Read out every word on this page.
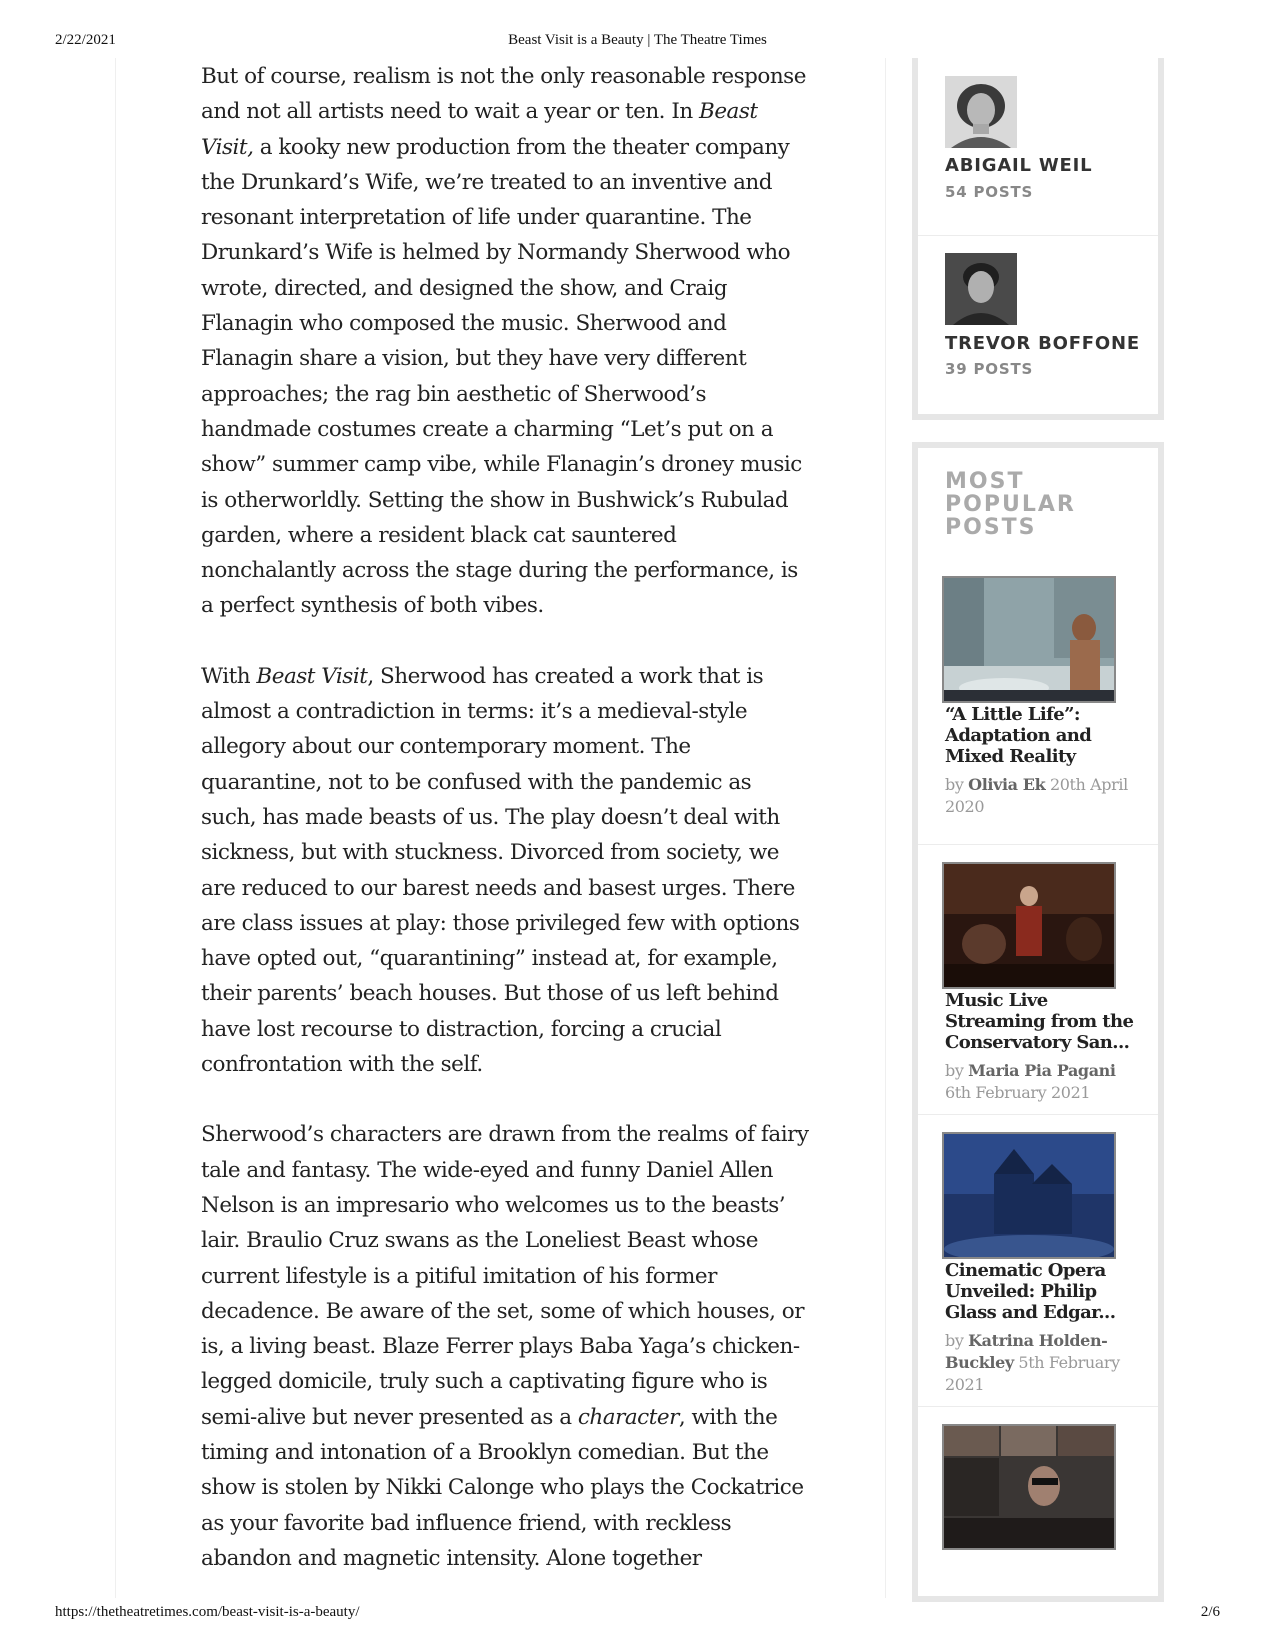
2/22/2021	Beast Visit is a Beauty | The Theatre Times

But of course, realism is not the only reasonable response and not all artists need to wait a year or ten. In Beast Visit, a kooky new production from the theater company the Drunkard’s Wife, we’re treated to an inventive and resonant interpretation of life under quarantine. The Drunkard’s Wife is helmed by Normandy Sherwood who wrote, directed, and designed the show, and Craig Flanagin who composed the music. Sherwood and Flanagin share a vision, but they have very different approaches; the rag bin aesthetic of Sherwood’s handmade costumes create a charming “Let’s put on a show” summer camp vibe, while Flanagin’s droney music is otherworldly. Setting the show in Bushwick’s Rubulad garden, where a resident black cat sauntered nonchalantly across the stage during the performance, is a perfect synthesis of both vibes.

With Beast Visit, Sherwood has created a work that is almost a contradiction in terms: it’s a medieval-style allegory about our contemporary moment. The quarantine, not to be confused with the pandemic as such, has made beasts of us. The play doesn’t deal with sickness, but with stuckness. Divorced from society, we are reduced to our barest needs and basest urges. There are class issues at play: those privileged few with options have opted out, “quarantining” instead at, for example, their parents’ beach houses. But those of us left behind have lost recourse to distraction, forcing a crucial confrontation with the self.

Sherwood’s characters are drawn from the realms of fairy tale and fantasy. The wide-eyed and funny Daniel Allen Nelson is an impresario who welcomes us to the beasts’ lair. Braulio Cruz swans as the Loneliest Beast whose current lifestyle is a pitiful imitation of his former decadence. Be aware of the set, some of which houses, or is, a living beast. Blaze Ferrer plays Baba Yaga’s chicken-legged domicile, truly such a captivating figure who is semi-alive but never presented as a character, with the timing and intonation of a Brooklyn comedian. But the show is stolen by Nikki Calonge who plays the Cockatrice as your favorite bad influence friend, with reckless abandon and magnetic intensity. Alone together

ABIGAIL WEIL
54 POSTS
TREVOR BOFFONE
39 POSTS
MOST POPULAR POSTS
“A Little Life”: Adaptation and Mixed Reality
by Olivia Ek 20th April 2020
Music Live Streaming from the Conservatory San...
by Maria Pia Pagani 6th February 2021
Cinematic Opera Unveiled: Philip Glass and Edgar...
by Katrina Holden-Buckley 5th February 2021
https://thetheatretimes.com/beast-visit-is-a-beauty/	2/6
